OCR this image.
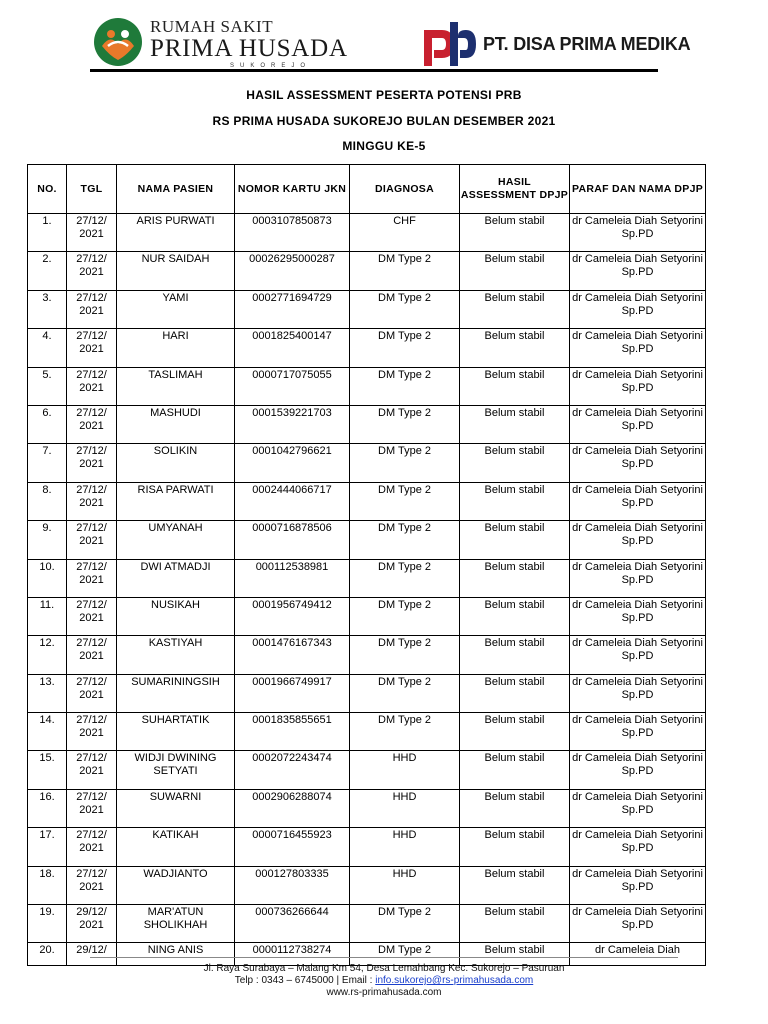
RUMAH SAKIT
PRIMA HUSADA
SUKOREJO
PT. DISA PRIMA MEDIKA
HASIL ASSESSMENT PESERTA POTENSI PRB
RS PRIMA HUSADA SUKOREJO BULAN DESEMBER 2021
MINGGU KE-5
NO.	TGL	NAMA PASIEN	NOMOR KARTU JKN	DIAGNOSA	HASIL ASSESSMENT DPJP	PARAF DAN NAMA DPJP
1.	27/12/ 2021	ARIS PURWATI	0003107850873	CHF	Belum stabil	dr Cameleia Diah Setyorini Sp.PD
2.	27/12/ 2021	NUR SAIDAH	00026295000287	DM Type 2	Belum stabil	dr Cameleia Diah Setyorini Sp.PD
3.	27/12/ 2021	YAMI	0002771694729	DM Type 2	Belum stabil	dr Cameleia Diah Setyorini Sp.PD
4.	27/12/ 2021	HARI	0001825400147	DM Type 2	Belum stabil	dr Cameleia Diah Setyorini Sp.PD
5.	27/12/ 2021	TASLIMAH	0000717075055	DM Type 2	Belum stabil	dr Cameleia Diah Setyorini Sp.PD
6.	27/12/ 2021	MASHUDI	0001539221703	DM Type 2	Belum stabil	dr Cameleia Diah Setyorini Sp.PD
7.	27/12/ 2021	SOLIKIN	0001042796621	DM Type 2	Belum stabil	dr Cameleia Diah Setyorini Sp.PD
8.	27/12/ 2021	RISA PARWATI	0002444066717	DM Type 2	Belum stabil	dr Cameleia Diah Setyorini Sp.PD
9.	27/12/ 2021	UMYANAH	0000716878506	DM Type 2	Belum stabil	dr Cameleia Diah Setyorini Sp.PD
10.	27/12/ 2021	DWI ATMADJI	000112538981	DM Type 2	Belum stabil	dr Cameleia Diah Setyorini Sp.PD
11.	27/12/ 2021	NUSIKAH	0001956749412	DM Type 2	Belum stabil	dr Cameleia Diah Setyorini Sp.PD
12.	27/12/ 2021	KASTIYAH	0001476167343	DM Type 2	Belum stabil	dr Cameleia Diah Setyorini Sp.PD
13.	27/12/ 2021	SUMARININGSIH	0001966749917	DM Type 2	Belum stabil	dr Cameleia Diah Setyorini Sp.PD
14.	27/12/ 2021	SUHARTATIK	0001835855651	DM Type 2	Belum stabil	dr Cameleia Diah Setyorini Sp.PD
15.	27/12/ 2021	WIDJI DWINING SETYATI	0002072243474	HHD	Belum stabil	dr Cameleia Diah Setyorini Sp.PD
16.	27/12/ 2021	SUWARNI	0002906288074	HHD	Belum stabil	dr Cameleia Diah Setyorini Sp.PD
17.	27/12/ 2021	KATIKAH	0000716455923	HHD	Belum stabil	dr Cameleia Diah Setyorini Sp.PD
18.	27/12/ 2021	WADJIANTO	000127803335	HHD	Belum stabil	dr Cameleia Diah Setyorini Sp.PD
19.	29/12/ 2021	MAR'ATUN SHOLIKHAH	000736266644	DM Type 2	Belum stabil	dr Cameleia Diah Setyorini Sp.PD
20.	29/12/	NING ANIS	0000112738274	DM Type 2	Belum stabil	dr Cameleia Diah
Jl. Raya Surabaya – Malang Km 54, Desa Lemahbang Kec. Sukorejo – Pasuruan
Telp : 0343 – 6745000 | Email : info.sukorejo@rs-primahusada.com
www.rs-primahusada.com
